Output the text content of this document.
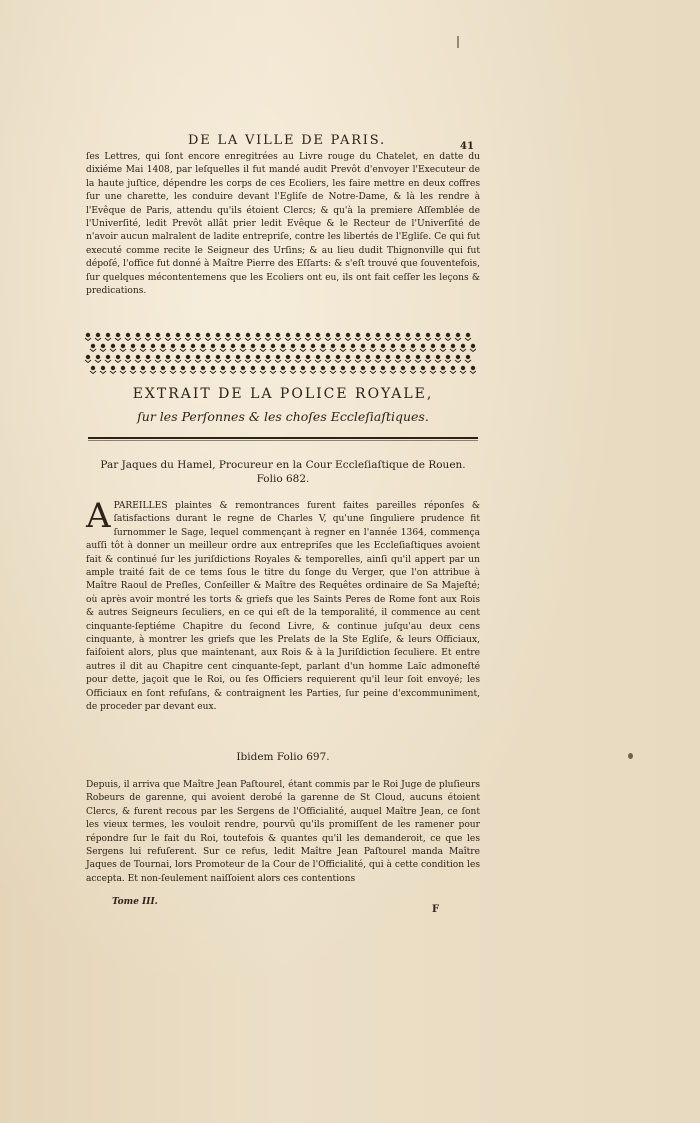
DE LA VILLE DE PARIS.	41
ſes Lettres, qui ſont encore enregitrées au Livre rouge du Chatelet, en datte du dixiéme Mai 1408, par leſquelles il fut mandé audit Prevôt d'envoyer l'Executeur de la haute juſtice, dépendre les corps de ces Ecoliers, les faire mettre en deux coffres ſur une charette, les conduire devant l'Egliſe de Notre-Dame, & là les rendre à l'Evêque de Paris, attendu qu'ils étoient Clercs; & qu'à la premiere Aſſemblée de l'Univerſité, ledit Prevôt allât prier ledit Evêque & le Recteur de l'Univerſité de n'avoir aucun malralent de ladite entrepriſe, contre les libertés de l'Egliſe. Ce qui fut executé comme recite le Seigneur des Urſins; & au lieu dudit Thignonville qui fut dépoſé, l'office fut donné à Maître Pierre des Eſſarts: & s'eſt trouvé que ſouventefois, ſur quelques mécontentemens que les Ecoliers ont eu, ils ont fait ceſſer les leçons & predications.
EXTRAIT DE LA POLICE ROYALE,
ſur les Perſonnes & les choſes Eccleſiaſtiques.
Par Jaques du Hamel, Procureur en la Cour Eccleſiaſtique de Rouen.
Folio 682.
APAREILLES plaintes & remontrances furent faites pareilles réponſes & ſatisfactions durant le regne de Charles V, qu'une ſinguliere prudence fit ſurnommer le Sage, lequel commençant à regner en l'année 1364, commença auſſi tôt à donner un meilleur ordre aux entrepriſes que les Eccleſiaſtiques avoient fait & continué ſur les juriſdictions Royales & temporelles, ainſi qu'il appert par un ample traité fait de ce tems ſous le titre du ſonge du Verger, que l'on attribue à Maître Raoul de Preſles, Conſeiller & Maître des Requêtes ordinaire de Sa Majeſté; où après avoir montré les torts & griefs que les Saints Peres de Rome font aux Rois & autres Seigneurs ſeculiers, en ce qui eſt de la temporalité, il commence au cent cinquante-ſeptiéme Chapitre du ſecond Livre, & continue juſqu'au deux cens cinquante, à montrer les griefs que les Prelats de la Ste Egliſe, & leurs Officiaux, faiſoient alors, plus que maintenant, aux Rois & à la Juriſdiction ſeculiere. Et entre autres il dit au Chapitre cent cinquante-ſept, parlant d'un homme Laïc admoneſté pour dette, jaçoit que le Roi, ou ſes Officiers requierent qu'il leur ſoit envoyé; les Officiaux en ſont refuſans, & contraignent les Parties, ſur peine d'excommuniment, de proceder par devant eux.
Ibidem Folio 697.
Depuis, il arriva que Maître Jean Paſtourel, étant commis par le Roi Juge de pluſieurs Robeurs de garenne, qui avoient derobé la garenne de St Cloud, aucuns étoient Clercs, & furent recous par les Sergens de l'Officialité, auquel Maître Jean, ce ſont les vieux termes, les vouloit rendre, pourvû qu'ils promiſſent de les ramener pour répondre ſur le fait du Roi, toutefois & quantes qu'il les demanderoit, ce que les Sergens lui refuſerent. Sur ce refus, ledit Maître Jean Paſtourel manda Maître Jaques de Tournai, lors Promoteur de la Cour de l'Officialité, qui à cette condition les accepta. Et non-ſeulement naiſſoient alors ces contentions
Tome III.
F
